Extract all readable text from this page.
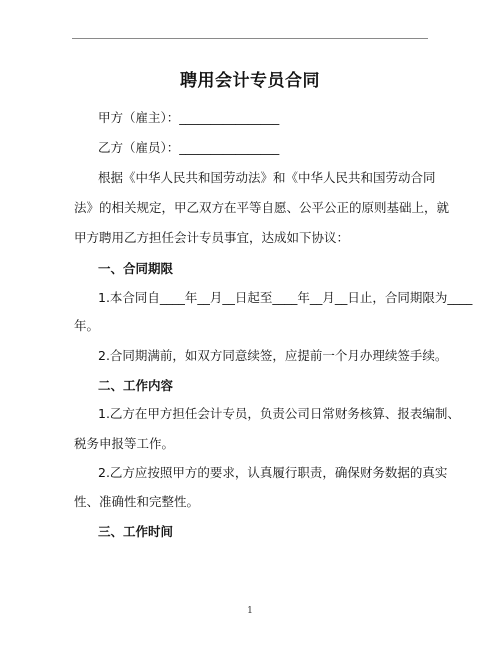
聘用会计专员合同
甲方（雇主）：________________
乙方（雇员）：________________
根据《中华人民共和国劳动法》和《中华人民共和国劳动合同
法》的相关规定，甲乙双方在平等自愿、公平公正的原则基础上，就
甲方聘用乙方担任会计专员事宜，达成如下协议：
一、合同期限
1.本合同自____年__月__日起至____年__月__日止，合同期限为____
年。
2.合同期满前，如双方同意续签，应提前一个月办理续签手续。
二、工作内容
1.乙方在甲方担任会计专员，负责公司日常财务核算、报表编制、
税务申报等工作。
2.乙方应按照甲方的要求，认真履行职责，确保财务数据的真实
性、准确性和完整性。
三、工作时间
1
